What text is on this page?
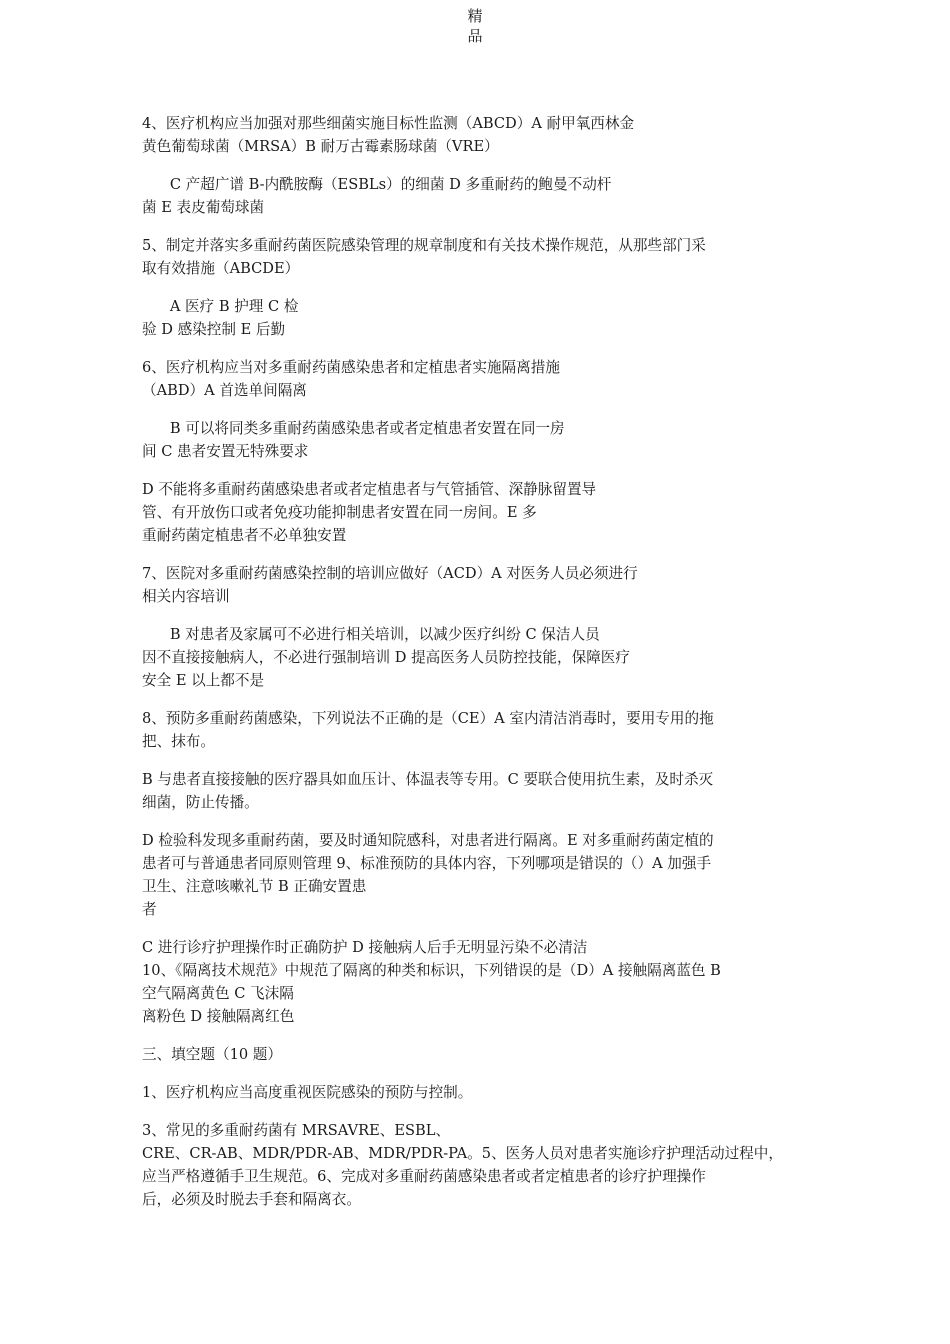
精
品
4、医疗机构应当加强对那些细菌实施目标性监测（ABCD）A 耐甲氧西林金
黄色葡萄球菌（MRSA）B 耐万古霉素肠球菌（VRE）
C 产超广谱 B-内酰胺酶（ESBLs）的细菌 D 多重耐药的鲍曼不动杆
菌 E 表皮葡萄球菌
5、制定并落实多重耐药菌医院感染管理的规章制度和有关技术操作规范，从那些部门采
取有效措施（ABCDE）
A 医疗 B 护理 C 检
验 D 感染控制 E 后勤
6、医疗机构应当对多重耐药菌感染患者和定植患者实施隔离措施
（ABD）A 首选单间隔离
B 可以将同类多重耐药菌感染患者或者定植患者安置在同一房
间 C 患者安置无特殊要求
D 不能将多重耐药菌感染患者或者定植患者与气管插管、深静脉留置导
管、有开放伤口或者免疫功能抑制患者安置在同一房间。E 多
重耐药菌定植患者不必单独安置
7、医院对多重耐药菌感染控制的培训应做好（ACD）A 对医务人员必须进行
相关内容培训
B 对患者及家属可不必进行相关培训，以减少医疗纠纷 C 保洁人员
因不直接接触病人，不必进行强制培训 D 提高医务人员防控技能，保障医疗
安全 E 以上都不是
8、预防多重耐药菌感染，下列说法不正确的是（CE）A 室内清洁消毒时，要用专用的拖
把、抹布。
B 与患者直接接触的医疗器具如血压计、体温表等专用。C 要联合使用抗生素，及时杀灭
细菌，防止传播。
D 检验科发现多重耐药菌，要及时通知院感科，对患者进行隔离。E 对多重耐药菌定植的
患者可与普通患者同原则管理 9、标准预防的具体内容，下列哪项是错误的（）A 加强手
卫生、注意咳嗽礼节 B 正确安置患
者
C 进行诊疗护理操作时正确防护 D 接触病人后手无明显污染不必清洁
10、《隔离技术规范》中规范了隔离的种类和标识，下列错误的是（D）A 接触隔离蓝色 B
空气隔离黄色 C 飞沫隔
离粉色 D 接触隔离红色
三、填空题（10 题）
1、医疗机构应当高度重视医院感染的预防与控制。
3、常见的多重耐药菌有 MRSAVRE、ESBL、
CRE、CR-AB、MDR/PDR-AB、MDR/PDR-PA。5、医务人员对患者实施诊疗护理活动过程中，
应当严格遵循手卫生规范。6、完成对多重耐药菌感染患者或者定植患者的诊疗护理操作
后，必须及时脱去手套和隔离衣。
